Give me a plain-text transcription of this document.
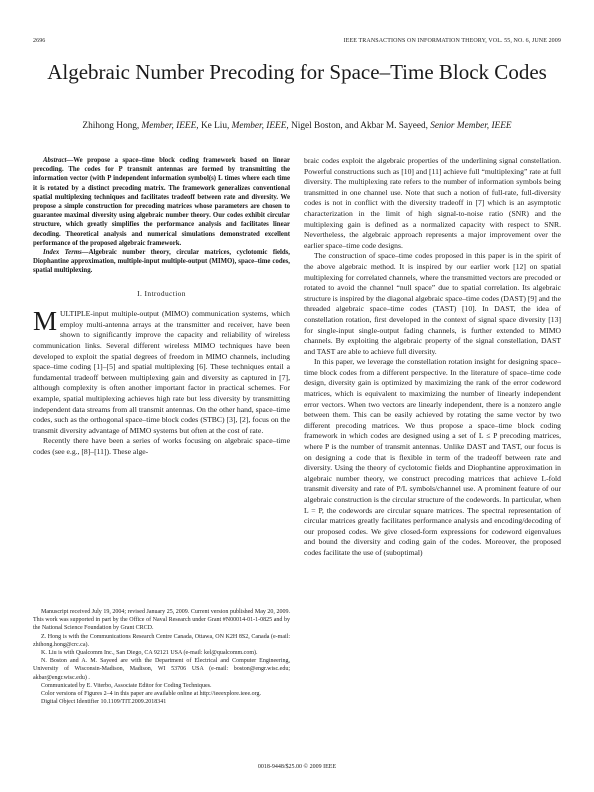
2696	IEEE TRANSACTIONS ON INFORMATION THEORY, VOL. 55, NO. 6, JUNE 2009
Algebraic Number Precoding for Space–Time Block Codes
Zhihong Hong, Member, IEEE, Ke Liu, Member, IEEE, Nigel Boston, and Akbar M. Sayeed, Senior Member, IEEE

Abstract—We propose a space–time block coding framework based on linear precoding. The codes for P transmit antennas are formed by transmitting the information vector (with P independent information symbol(s) L times where each time it is rotated by a distinct precoding matrix. The framework generalizes conventional spatial multiplexing techniques and facilitates tradeoff between rate and diversity. We propose a simple construction for precoding matrices whose parameters are chosen to guarantee maximal diversity using algebraic number theory. Our codes exhibit circular structure, which greatly simplifies the performance analysis and facilitates linear decoding. Theoretical analysis and numerical simulations demonstrated excellent performance of the proposed algebraic framework.

Index Terms—Algebraic number theory, circular matrices, cyclotomic fields, Diophantine approximation, multiple-input multiple-output (MIMO), space–time codes, spatial multiplexing.

I. Introduction

MULTIPLE-input multiple-output (MIMO) communication systems, which employ multi-antenna arrays at the transmitter and receiver, have been shown to significantly improve the capacity and reliability of wireless communication links. Several different wireless MIMO techniques have been developed to exploit the spatial degrees of freedom in MIMO channels, including space–time coding [1]–[5] and spatial multiplexing [6]. These techniques entail a fundamental tradeoff between multiplexing gain and diversity as captured in [7], although complexity is often another important factor in practical schemes. For example, spatial multiplexing achieves high rate but less diversity by transmitting independent data streams from all transmit antennas. On the other hand, space–time codes, such as the orthogonal space–time block codes (STBC) [3], [2], focus on the transmit diversity advantage of MIMO systems but often at the cost of rate.

Recently there have been a series of works focusing on algebraic space–time codes (see e.g., [8]–[11]). These alge-

Manuscript received July 19, 2004; revised January 25, 2009. Current version published May 20, 2009. This work was supported in part by the Office of Naval Research under Grant #N00014-01-1-0825 and by the National Science Foundation by Grant CRCD.

Z. Hong is with the Communications Research Centre Canada, Ottawa, ON K2H 8S2, Canada (e-mail: zhihong.hong@crc.ca).

K. Liu is with Qualcomm Inc., San Diego, CA 92121 USA (e-mail: kel@qualcomm.com).

N. Boston and A. M. Sayeed are with the Department of Electrical and Computer Engineering, University of Wisconsin-Madison, Madison, WI 53706 USA (e-mail: boston@engr.wisc.edu; akbar@engr.wisc.edu) .

Communicated by E. Viterbo, Associate Editor for Coding Techniques.

Color versions of Figures 2–4 in this paper are available online at http://ieeexplore.ieee.org.

Digital Object Identifier 10.1109/TIT.2009.2018341

braic codes exploit the algebraic properties of the underlining signal constellation. Powerful constructions such as [10] and [11] achieve full “multiplexing” rate at full diversity. The multiplexing rate refers to the number of information symbols being transmitted in one channel use. Note that such a notion of full-rate, full-diversity codes is not in conflict with the diversity tradeoff in [7] which is an asymptotic characterization in the limit of high signal-to-noise ratio (SNR) and the multiplexing gain is defined as a normalized capacity with respect to SNR. Nevertheless, the algebraic approach represents a major improvement over the earlier space–time code designs.

The construction of space–time codes proposed in this paper is in the spirit of the above algebraic method. It is inspired by our earlier work [12] on spatial multiplexing for correlated channels, where the transmitted vectors are precoded or rotated to avoid the channel “null space” due to spatial correlation. Its algebraic structure is inspired by the diagonal algebraic space–time codes (DAST) [9] and the threaded algebraic space–time codes (TAST) [10]. In DAST, the idea of constellation rotation, first developed in the context of signal space diversity [13] for single-input single-output fading channels, is further extended to MIMO channels. By exploiting the algebraic property of the signal constellation, DAST and TAST are able to achieve full diversity.

In this paper, we leverage the constellation rotation insight for designing space–time block codes from a different perspective. In the literature of space–time code design, diversity gain is optimized by maximizing the rank of the error codeword matrices, which is equivalent to maximizing the number of linearly independent error vectors. When two vectors are linearly independent, there is a nonzero angle between them. This can be easily achieved by rotating the same vector by two different precoding matrices. We thus propose a space–time block coding framework in which codes are designed using a set of L ≤ P precoding matrices, where P is the number of transmit antennas. Unlike DAST and TAST, our focus is on designing a code that is flexible in term of the tradeoff between rate and diversity. Using the theory of cyclotomic fields and Diophantine approximation in algebraic number theory, we construct precoding matrices that achieve L-fold transmit diversity and rate of P/L symbols/channel use. A prominent feature of our algebraic construction is the circular structure of the codewords. In particular, when L = P, the codewords are circular square matrices. The spectral representation of circular matrices greatly facilitates performance analysis and encoding/decoding of our proposed codes. We give closed-form expressions for codeword eigenvalues and bound the diversity and coding gain of the codes. Moreover, the proposed codes facilitate the use of (suboptimal)

0018-9448/$25.00 © 2009 IEEE
